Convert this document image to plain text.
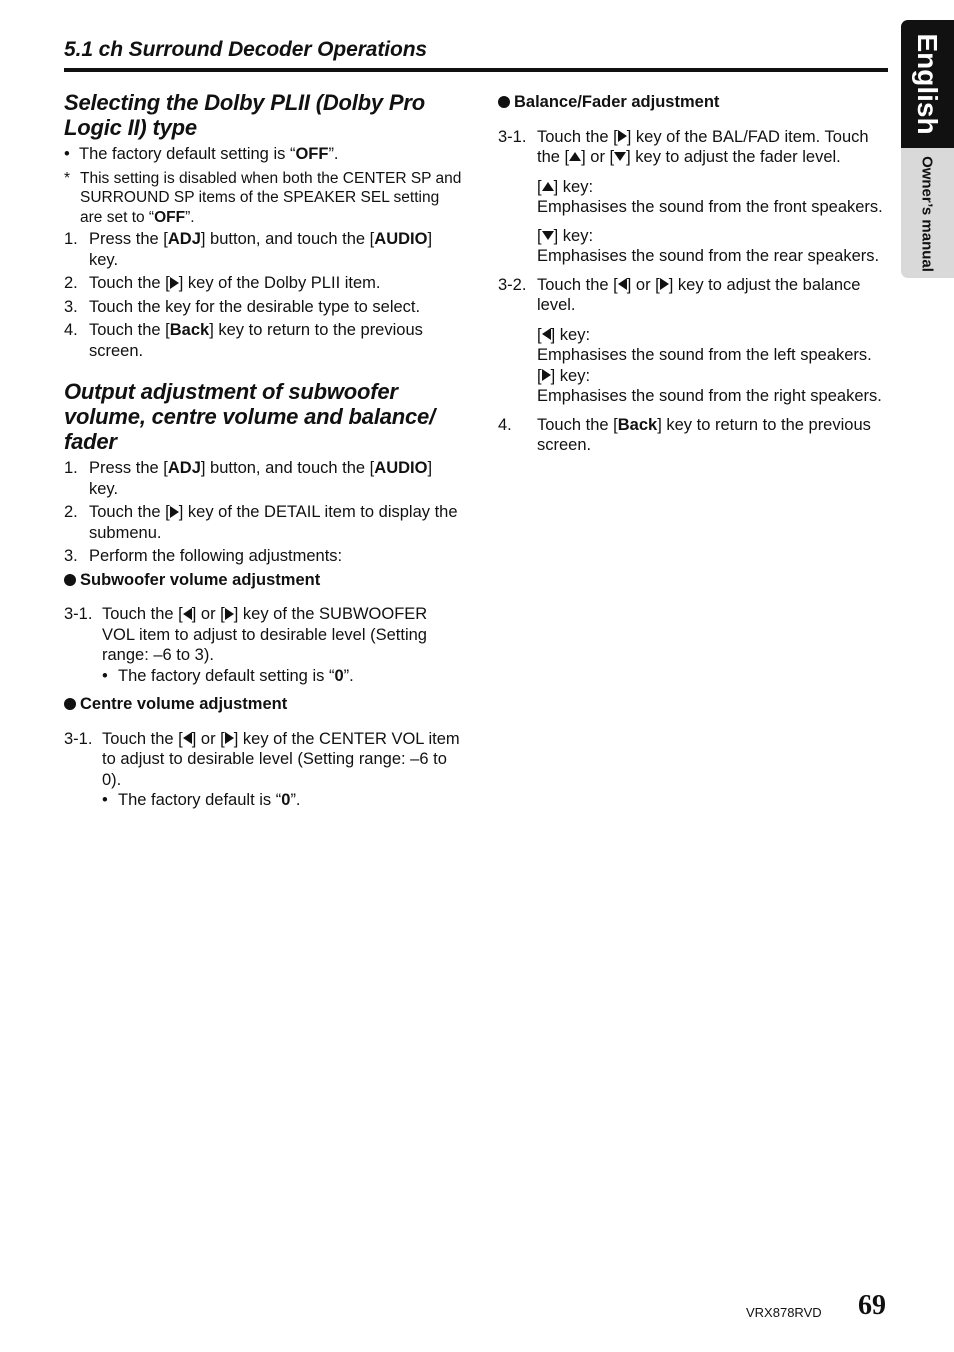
5.1 ch Surround Decoder Operations	English
Owner’s manual
Selecting the Dolby PLII (Dolby Pro Logic II) type
• The factory default setting is “OFF”.
* This setting is disabled when both the CENTER SP and SURROUND SP items of the SPEAKER SEL setting are set to “OFF”.
1. Press the [ADJ] button, and touch the [AUDIO] key.
2. Touch the [ ] key of the Dolby PLII item.
3. Touch the key for the desirable type to select.
4. Touch the [Back] key to return to the previous screen.
Output adjustment of subwoofer volume, centre volume and balance/ fader
1. Press the [ADJ] button, and touch the [AUDIO] key.
2. Touch the [ ] key of the DETAIL item to display the submenu.
3. Perform the following adjustments:
Subwoofer volume adjustment
3-1. Touch the [ ] or [ ] key of the SUBWOOFER VOL item to adjust to desirable level (Setting range: –6 to 3).
• The factory default setting is “0”.
Centre volume adjustment
3-1. Touch the [ ] or [ ] key of the CENTER VOL item to adjust to desirable level (Setting range: –6 to 0).
• The factory default is “0”.
Balance/Fader adjustment
3-1. Touch the [ ] key of the BAL/FAD item. Touch the [ ] or [ ] key to adjust the fader level.
[ ] key:
Emphasises the sound from the front speakers.
[ ] key:
Emphasises the sound from the rear speakers.
3-2. Touch the [ ] or [ ] key to adjust the balance level.
[ ] key:
Emphasises the sound from the left speakers.
[ ] key:
Emphasises the sound from the right speakers.
4.	Touch the [Back] key to return to the previous screen.
VRX878RVD 69
